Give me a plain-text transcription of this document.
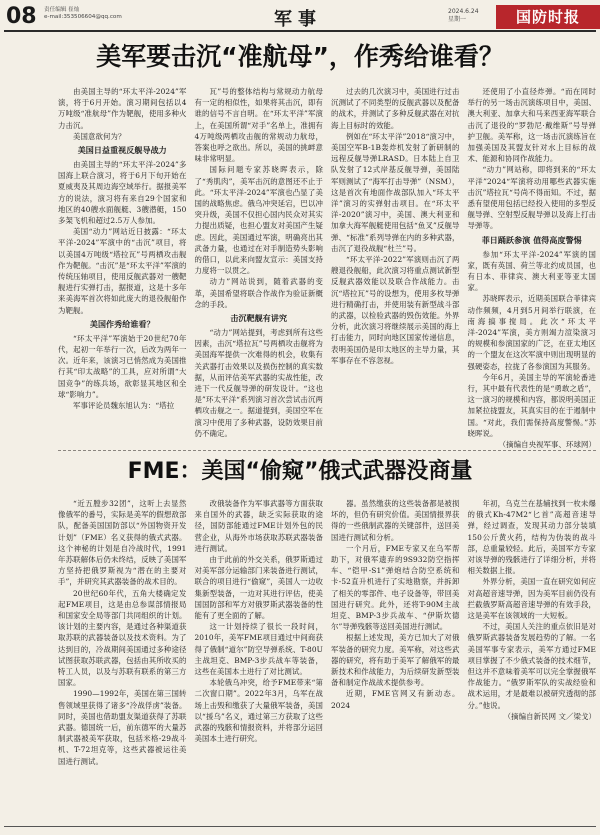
08 责任编辑 崔灿
e-mail:353506604@qq.com	军事	2024.6.24
星期一	国防时报
美军要击沉“准航母”，作秀给谁看？

由美国主导的“环太平洋-2024”军演，将于6月开始。演习期间包括以4万吨级“准航母”作为靶舰，使用多种火力击沉。

美国意欲何为？

美国日益重视反舰导战力

由美国主导的“环太平洋-2024”多国海上联合演习，将于6月下旬开始在夏威夷及其周边海空域举行。据报美军方的说法，演习将有来自29个国家和地区的40艘水面舰艇、3艘潜艇，150多架飞机和超过2.5万人参加。

美国“动力”网站近日披露：“环太平洋-2024”军演中的“击沉”项目，将以美国4万吨级“塔拉瓦”号两栖攻击舰作为靶舰。“击沉”是“环太平洋”军演的传统压轴项目，使用反舰武器对一艘靶舰进行实弹打击，据报道，这是十多年来美海军首次将如此庞大的退役舰船作为靶舰。

美国作秀给谁看？

“环太平洋”军演始于20世纪70年代，起初一年举行一次，后改为两年一次。近年来，该演习已悄然成为美国推行其“印太战略”的工具，应对所谓“大国竞争”的练兵场，欲彰显其地区和全球“影响力”。

军事评论员魏东旭认为：“塔拉

瓦”号的整体结构与常规动力航母有一定的相似性，如果将其击沉，即有谁的信号不言自明。在“环太平洋”军演上，在美国所谓“对手”名单上，准拥有4万吨级两栖攻击舰的常规动力航母，答案也呼之欲出。所以，美国的挑衅意味非常明显。

国际问题专家苏晓晖表示，除了“秀肌肉”，美军击沉的意图还不止于此。“环太平洋-2024”军演也凸显了美国的战略焦虑。俄乌冲突延宕，巴以冲突升级，美国不仅担心国内民众对其实力提出质疑，也担心盟友对美国产生疑虑。因此，美国通过军演，明确亮出其武备力量，也通过在对手制造势头影响的借口，以此来向盟友宣示：美国支持力度将一以贯之。

动力”网站说到，随着武器的变革，美国希望将联合作战作为验证新概念的手段。

击沉靶舰有讲究

“动力”网站提到，考虑到所有这些因素，击沉“塔拉瓦”号两栖攻击舰将为美国海军提供一次难得的机会，收集有关武器打击效果以及损伤控制的真实数据，从而评估美军武器的实战性能，改进下一代反舰导弹的研发设计。“这也是”环太平洋“系列演习首次尝试击沉两栖攻击舰之一。据道提到，美国空军在演习中使用了多种武器，设防效果目前仍不确定。

过去的几次演习中，美国进行过击沉测试了不同类型的反舰武器以及配备的战术，并测试了多种反舰武器在对抗海上目标时的效能。

例如在“环太平洋”2018“演习中，美国空军B-1B轰炸机发射了新研制的远程反舰导弹LRASD。日本陆上自卫队发射了12式岸基反舰导弹，美国陆军则测试了“海军打击导弹”（NSM），这是首次有地面作战部队加入“环太平洋”演习的实弹射击项目。在“环太平洋-2020”演习中，美国、澳大利亚和加拿大海军舰艇使用包括“鱼叉”反舰导弹、“标准”系列导弹在内的多种武器，击沉了退役战舰“杜兰”号。

“环太平洋-2022”军演则击沉了两艘退役舰船，此次演习将重点测试新型反舰武器效能以及联合作战能力。击沉“塔拉瓦”号的设想为，使用多枚导弹进行精确打击，并使用装有新型战斗部的武器，以检验武器的毁伤效能。外界分析，此次演习将继续展示美国的海上打击能力，同时向地区国家传递信息，表明美国仍是印太地区的主导力量，其军事存在不容忽视。

还使用了小直径炸弹。“而在同时举行的另一场击沉演练项目中，美国、澳大利亚、加拿大和马来西亚海军联合击沉了退役的“罗勃尼·戴维斯”号导弹护卫舰。美军称，这一场击沉演练旨在加强美国及其盟友针对水上目标的战术、能源和协同作战能力。

“动力”网站称，即将到来的“环太平洋”2024“军演将动用哪些武器实施击沉”塔拉瓦“号尚不得而知。不过，据悉有望使用包括已经投入使用的多型反舰导弹、空射型反舰导弹以及海上打击导弹等。

菲日踊跃参演 值得高度警惕

参加“环太平洋-2024”军演的国家，既有英国、荷兰等北约成员国，也有日本、菲律宾、澳大利亚等亚太国家。

苏晓晖表示，近期美国联合菲律宾动作频频，4月到5月间举行联演，在南海搞事搅局。此次“环太平洋-2024”军演，美方则竭力渲染演习的规模和参演国家的广泛，在亚太地区的一个盟友在这次军演中则出现明显的强硬姿态，拉拢了各参演国为其服务。

今年6月，美国主导的军演轮番进行，其中最有代表性的是“勇敢之盾”，这一演习的规模和内容，都说明美国正加紧拉拢盟友，其真实目的在于遏制中国。“对此，我们需保持高度警惕。”苏晓晖说。

（摘编自央视军事、环球网）

FME：美国“偷窥”俄式武器没商量

“近五膛步32团”，这听上去显然像俄军的番号，实际是美军的假想敌部队，配备美国国防部以“外国物资开发计划”（FME）名义获得的俄式武器。这个神秘的计划是自冷战时代，1991年苏联解体后仍未终结，反映了美国军方坚持把俄罗斯视为“潜在的主要对手”，并研究其武器装备的战术目的。

20世纪60年代，五角大楼确定发起FME项目，这是由总参谋部情报局和国家安全局等部门共同组织的计划。该计划的主要内容，是通过各种渠道获取苏联的武器装备以及技术资料。为了达到目的，冷战期间美国通过多种途径试图获取苏联武器，包括由其所收买的特工人员，以及与苏联有联系的第三方国家。

1990—1992年，美国在第三国转售领域里获得了诸多“冷战俘虏”装备。同时，美国也借助盟友渠道获得了苏联武器。德国统一后，前东德军的大量苏制武器被美军获取，包括米格-29战斗机、T-72坦克等，这些武器被运往美国进行测试。

改俄装备作为军事武器等方面获取来自国外的武器，缺乏实际获取的途径，国防部能通过FME计划外包的民营企业，从海外市场获取苏联武器装备进行测试。

由于此前的外交关系，俄罗斯通过对美军部分运输部门来装备进行测试，联合的项目进行“偷窥”，美国人一边收集新型装备，一边对其进行评估，使美国国防部和军方对俄罗斯武器装备的性能有了更全面的了解。

这一计划持续了很长一段时间，2010年，美军FME项目通过中间商获得了俄制“道尔”防空导弹系统、T-80U主战坦克、BMP-3步兵战车等装备，这些在美国本土进行了对比测试。

本轮俄乌冲突，给予FME带来“第二次窗口期”。2022年3月，乌军在战场上击毁和缴获了大量俄军装备，美国以“援乌”名义，通过第三方获取了这些武器的残骸和情报资料，并将部分运回美国本土进行研究。

器。虽然缴获的这些装备都是被损坏的，但仍有研究价值。美国情报界获得的一些俄制武器的关键部件，送回美国进行测试和分析。

一个月后，FME专家又在乌军帮助下，对俄军遗弃的9S932防空指挥车、“铠甲-S1”弹炮结合防空系统和卡-52直升机进行了实地勘察，并拆卸了相关的零部件、电子设备等，带回美国进行研究。此外，还将T-90M主战坦克、BMP-3步兵战车、“伊斯坎德尔”导弹残骸等送回美国进行测试。

根据上述发现，美方已加大了对俄军装备的研究力度。美军称，对这些武器的研究，将有助于美军了解俄军的最新技术和作战能力，为后续研发新型装备和制定作战战术提供参考。

近期，FME官网又有新动态。2024

年初，乌克兰在基辅找到一枚未爆的俄式Kh-47M2“匕首”高超音速导弹，经过调查，发现其动力部分装填150公斤黄火药，结构为伪装的战斗部，总重量较轻。此后，美国军方专家对该导弹的残骸进行了详细分析，并将相关数据上报。

外界分析，美国一直在研究如何应对高超音速导弹，因为美军目前仍没有拦截俄罗斯高超音速导弹的有效手段，这是美军在该领域的一大短板。

不过，美国人关注的重点依旧是对俄罗斯武器装备发展趋势的了解。一名美国军事专家表示，美军方通过FME项目掌握了不少俄式装备的技术细节，但这并不意味着美军可以完全掌握俄军作战能力。“俄罗斯军队的实战经验和战术运用，才是最难以被研究透彻的部分。”他说。

（摘编自新民网 文／梁戈）
